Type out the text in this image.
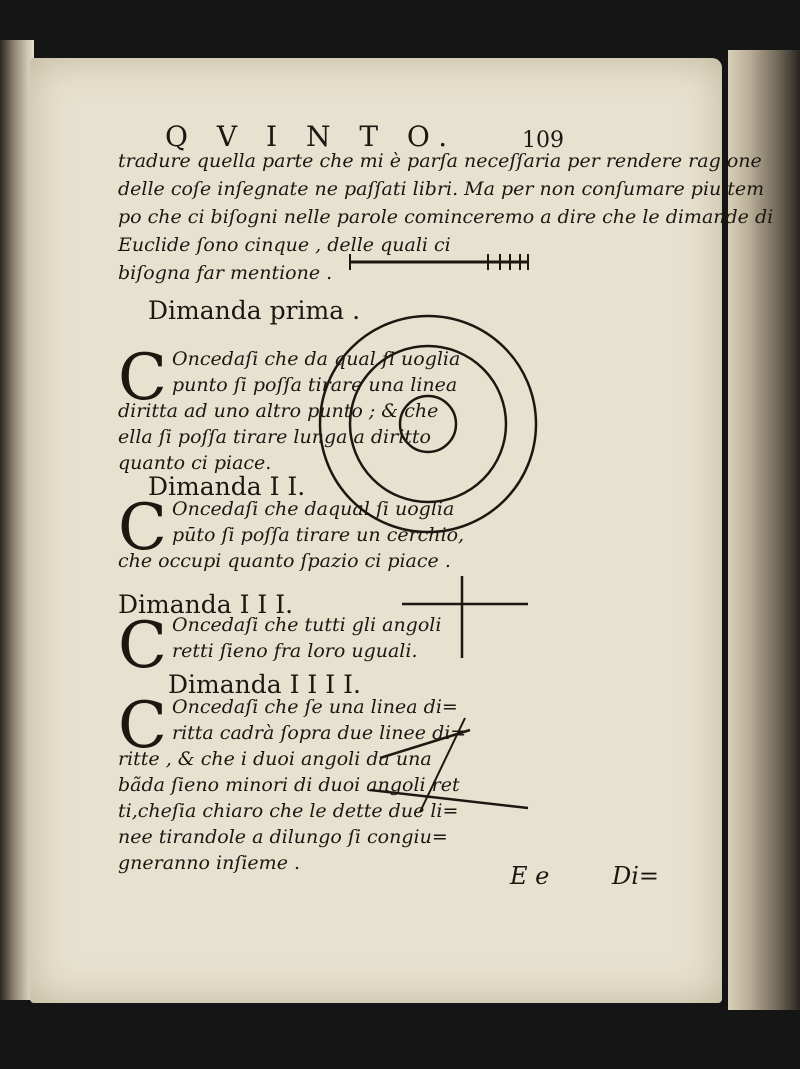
Q V I N T O.	109
tradure quella parte che mi è parſa neceſſaria per rendere ragione
delle coſe inſegnate ne paſſati libri. Ma per non conſumare piu tem
po che ci biſogni nelle parole cominceremo a dire che le dimande di
Euclide ſono cinque , delle quali ci
biſogna far mentione .
Dimanda prima .
C Oncedaſi che da qual ſi uoglia
punto ſi poſſa tirare una linea
diritta ad uno altro punto ; & che
ella ſi poſſa tirare lunga a diritto
quanto ci piace.
Dimanda I I.
C Oncedaſi che daqual ſi uoglia
pūto ſi poſſa tirare un cerchio,
che occupi quanto ſpazio ci piace .
Dimanda I I I.
C Oncedaſi che tutti gli angoli
retti ſieno fra loro uguali.
Dimanda I I I I.
C Oncedaſi che ſe una linea di=
ritta cadrà ſopra due linee di=
ritte , & che i duoi angoli da una
bãda ſieno minori di duoi angoli ret
ti,cheſia chiaro che le dette due li=
nee tirandole a dilungo ſi congiu=
gneranno inſieme .	E e	Di=
